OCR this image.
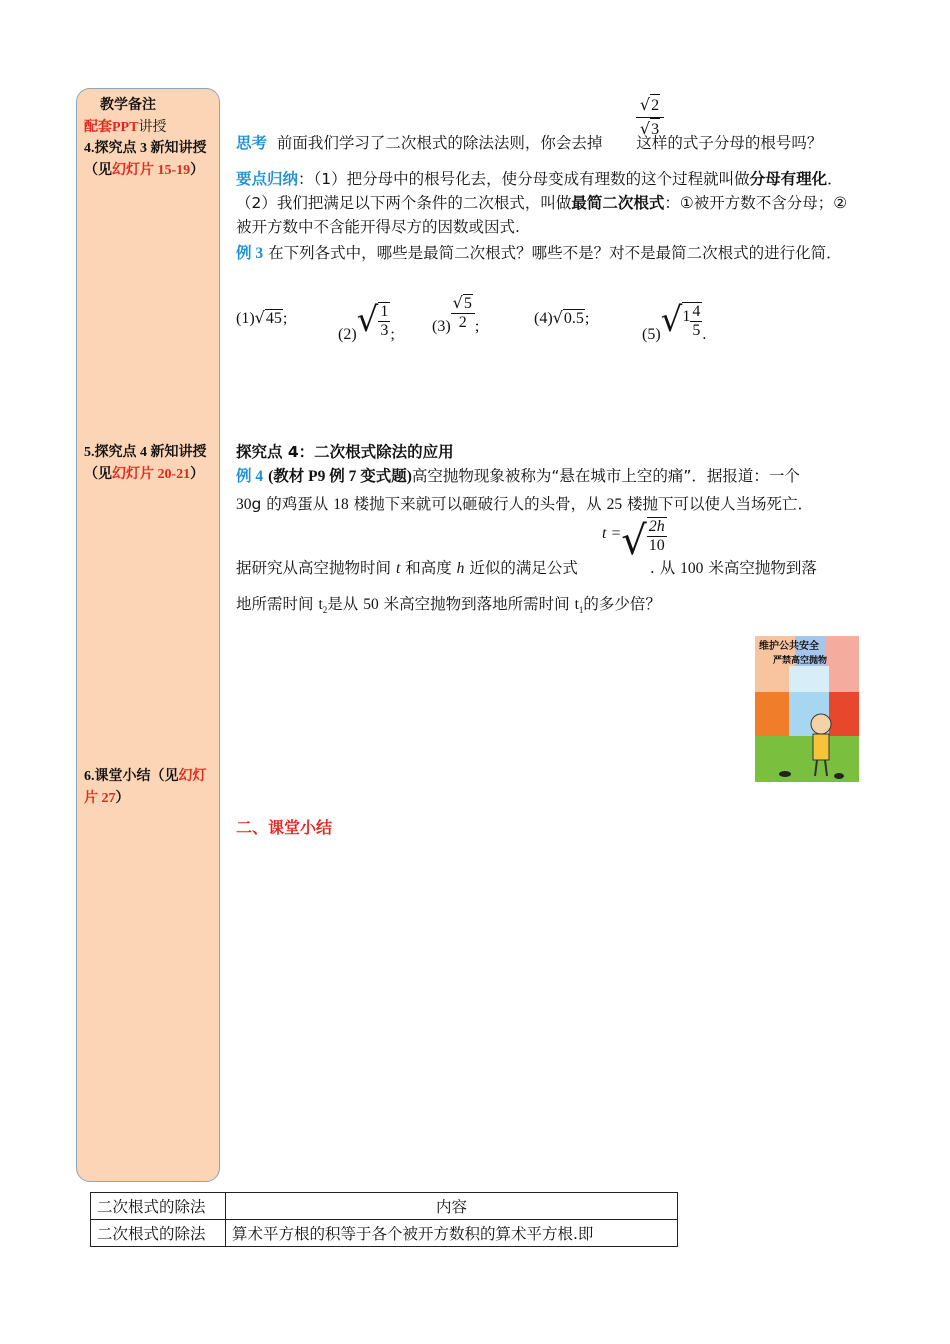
教学备注
配套PPT讲授
4.探究点 3 新知讲授
（见幻灯片 15-19）
5.探究点 4 新知讲授
（见幻灯片 20-21）
6.课堂小结（见幻灯片 27）
√2
√3
思考 前面我们学习了二次根式的除法法则，你会去掉 这样的式子分母的根号吗？
要点归纳：（1）把分母中的根号化去，使分母变成有理数的这个过程就叫做分母有理化．（2）我们把满足以下两个条件的二次根式，叫做最简二次根式：①被开方数不含分母；②被开方数中不含能开得尽方的因数或因式.
例 3 在下列各式中，哪些是最简二次根式？哪些不是？对不是最简二次根式的进行化简．
(1)√45;
$(2)√ \frac{1}{3}$ ; $(3) \frac{√5}{2}$ ;	(4)√0.5;
$(5)√1 \frac{4}{5}$ .
探究点 4：二次根式除法的应用
例 4 (教材 P9 例 7 变式题)高空抛物现象被称为“悬在城市上空的痛”．据报道：一个
30g 的鸡蛋从 18 楼抛下来就可以砸破行人的头骨，从 25 楼抛下可以使人当场死亡．
t =√ $\frac{2h}{10}$
据研究从高空抛物时间 t 和高度 h 近似的满足公式	. 从 100 米高空抛物到落
地所需时间 $t_2$是从 50 米高空抛物到落地所需时间 $t_1$的多少倍？
维护公共安全
严禁高空抛物
二、课堂小结
二次根式的除法	内容
二次根式的除法	算术平方根的积等于各个被开方数积的算术平方根.即
